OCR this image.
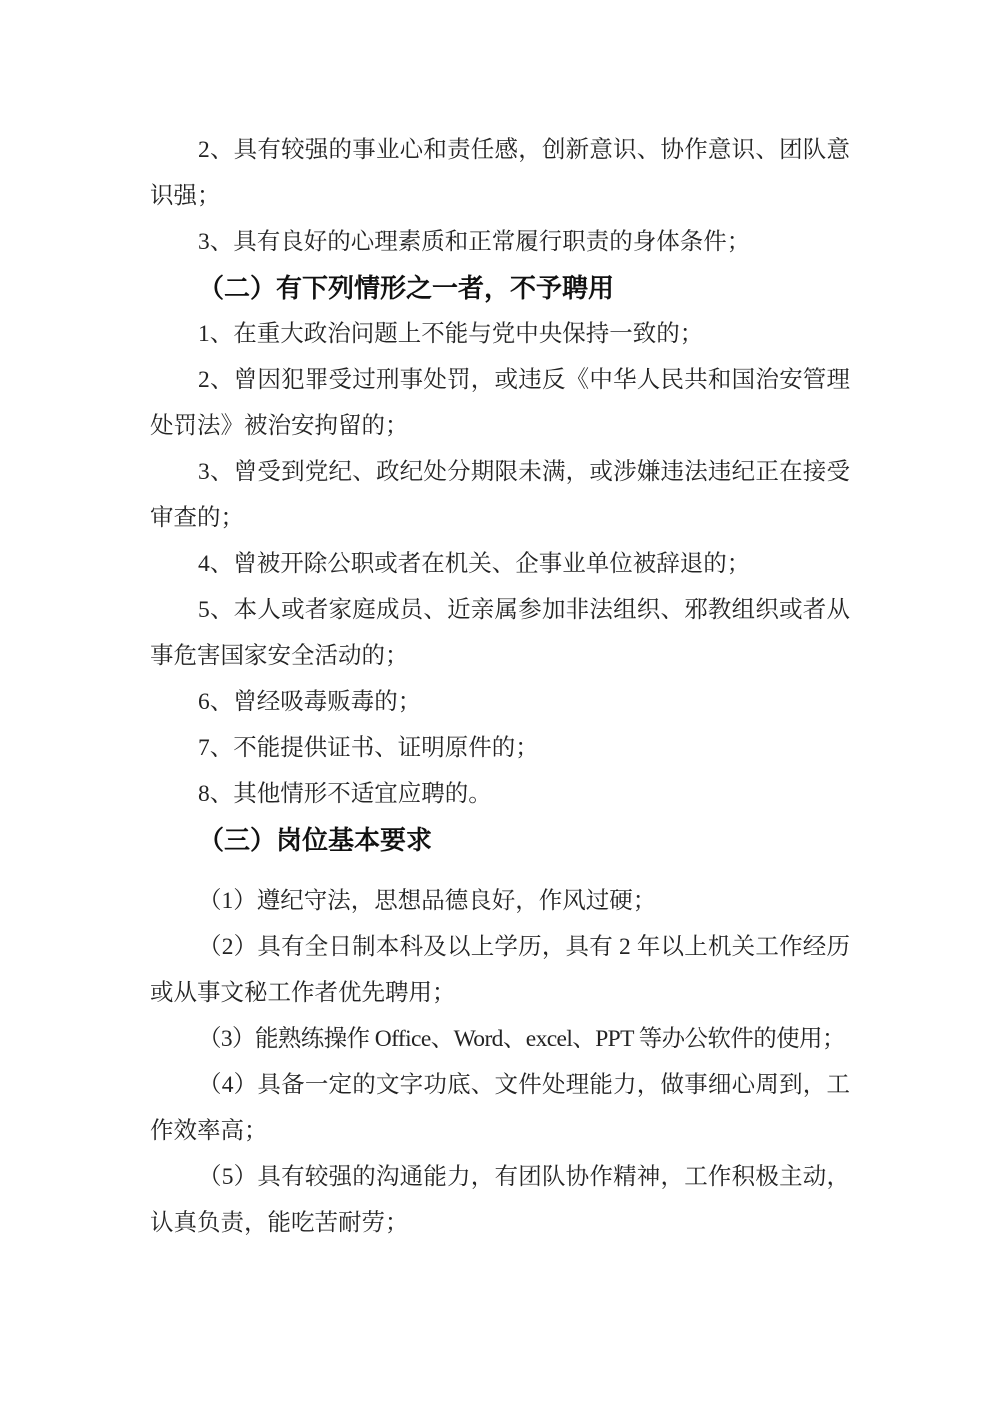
2、具有较强的事业心和责任感，创新意识、协作意识、团队意
识强；
3、具有良好的心理素质和正常履行职责的身体条件；
（二）有下列情形之一者，不予聘用
1、在重大政治问题上不能与党中央保持一致的；
2、曾因犯罪受过刑事处罚，或违反《中华人民共和国治安管理
处罚法》被治安拘留的；
3、曾受到党纪、政纪处分期限未满，或涉嫌违法违纪正在接受
审查的；
4、曾被开除公职或者在机关、企事业单位被辞退的；
5、本人或者家庭成员、近亲属参加非法组织、邪教组织或者从
事危害国家安全活动的；
6、曾经吸毒贩毒的；
7、不能提供证书、证明原件的；
8、其他情形不适宜应聘的。
（三）岗位基本要求
（1）遵纪守法，思想品德良好，作风过硬；
（2）具有全日制本科及以上学历，具有 2 年以上机关工作经历
或从事文秘工作者优先聘用；
（3）能熟练操作 Office、Word、excel、PPT 等办公软件的使用；
（4）具备一定的文字功底、文件处理能力，做事细心周到，工
作效率高；
（5）具有较强的沟通能力，有团队协作精神，工作积极主动，
认真负责，能吃苦耐劳；
